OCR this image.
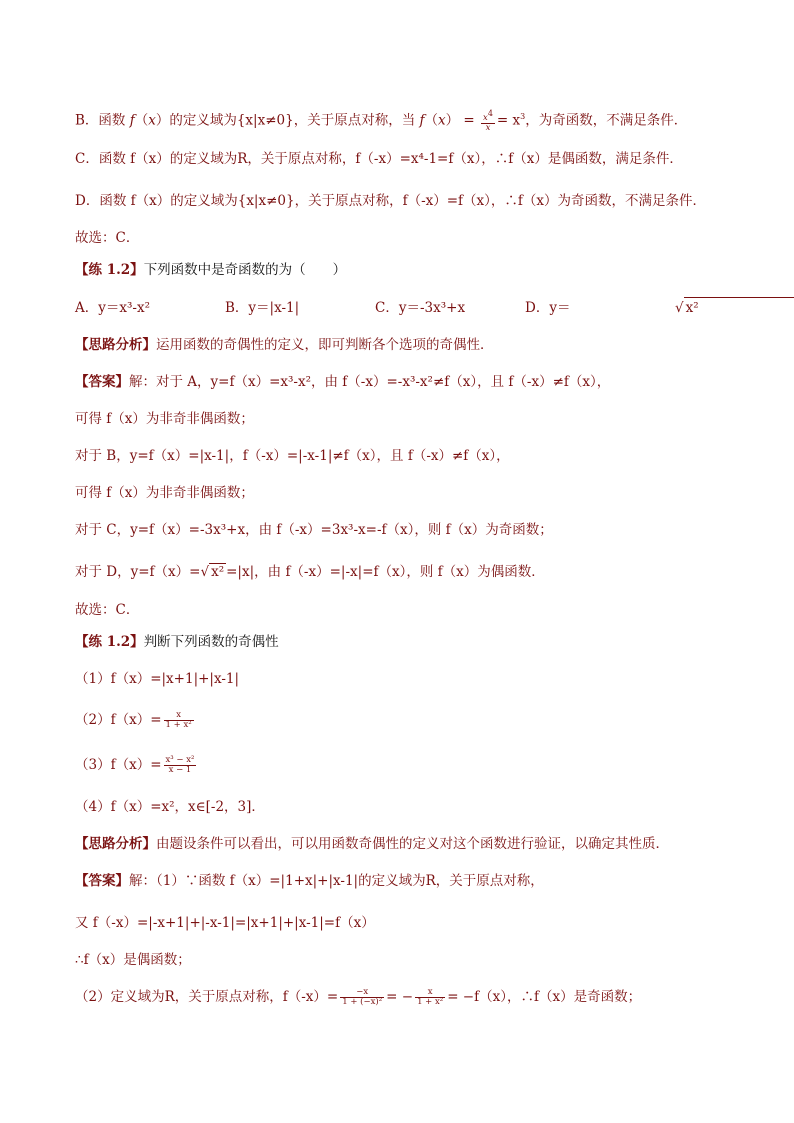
B．函数 f（x）的定义域为{x|x≠0}，关于原点对称，当 $f(x) = \frac{x^4}{x} = x^3$，为奇函数，不满足条件．
C．函数 f（x）的定义域为R，关于原点对称，f（-x）=x⁴-1=f（x），∴f（x）是偶函数，满足条件．
D．函数 f（x）的定义域为{x|x≠0}，关于原点对称，f（-x）=f（x），∴f（x）为奇函数，不满足条件．
故选：C．
【练 1.2】下列函数中是奇函数的为（　　）
A．y＝x³-x²	B．y＝|x-1|	C．y＝-3x³+x	D．y＝	√ x²
【思路分析】运用函数的奇偶性的定义，即可判断各个选项的奇偶性．
【答案】解：对于 A，y=f（x）=x³-x²，由 f（-x）=-x³-x²≠f（x），且 f（-x）≠f（x），
可得 f（x）为非奇非偶函数；
对于 B，y=f（x）=|x-1|，f（-x）=|-x-1|≠f（x），且 f（-x）≠f（x），
可得 f（x）为非奇非偶函数；
对于 C，y=f（x）=-3x³+x，由 f（-x）=3x³-x=-f（x），则 f（x）为奇函数；
对于 D，y=f（x）=√ x² =|x|，由 f（-x）=|-x|=f（x），则 f（x）为偶函数．
故选：C．
【练 1.2】判断下列函数的奇偶性
（1）f（x）=|x+1|+|x-1|
$(2)f(x)= \frac{x}{\text{1 + x²}}$
$(3)f(x)= \frac{\text{x³ − x²}}{x - 1}$
（4）f（x）=x²，x∈[-2，3]．
【思路分析】由题设条件可以看出，可以用函数奇偶性的定义对这个函数进行验证，以确定其性质．
【答案】解：（1）∵函数 f（x）=|1+x|+|x-1|的定义域为R，关于原点对称，
又 f（-x）=|-x+1|+|-x-1|=|x+1|+|x-1|=f（x）
∴f（x）是偶函数；
（2）定义域为R，关于原点对称，$f(-x)= \frac{-x}{\text{1 + (−x)²}}$ = − $\frac{x}{\text{1 + x²}} = -f(x)$，∴f（x）是奇函数；
